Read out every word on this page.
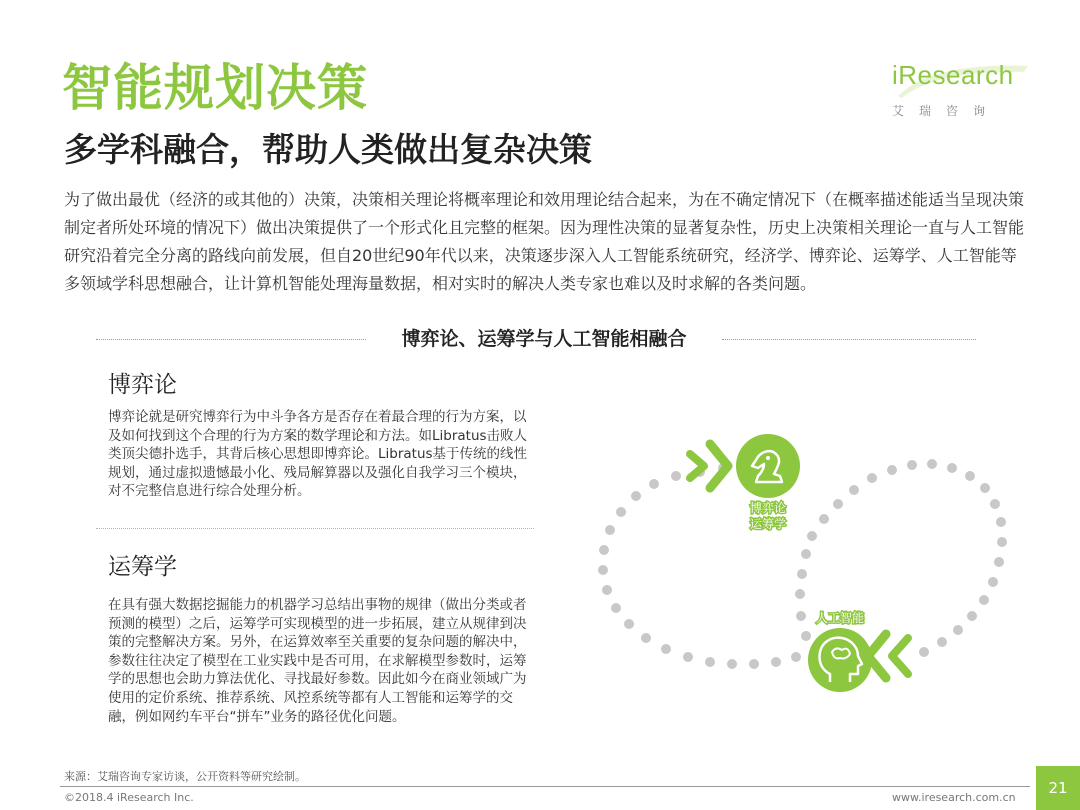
智能规划决策
多学科融合，帮助人类做出复杂决策
iResearch
艾瑞咨询

为了做出最优（经济的或其他的）决策，决策相关理论将概率理论和效用理论结合起来，为在不确定情况下（在概率描述能适当呈现决策制定者所处环境的情况下）做出决策提供了一个形式化且完整的框架。因为理性决策的显著复杂性，历史上决策相关理论一直与人工智能研究沿着完全分离的路线向前发展，但自20世纪90年代以来，决策逐步深入人工智能系统研究，经济学、博弈论、运筹学、人工智能等多领域学科思想融合，让计算机智能处理海量数据，相对实时的解决人类专家也难以及时求解的各类问题。

博弈论、运筹学与人工智能相融合
博弈论

博弈论就是研究博弈行为中斗争各方是否存在着最合理的行为方案，以及如何找到这个合理的行为方案的数学理论和方法。如Libratus击败人类顶尖德扑选手，其背后核心思想即博弈论。Libratus基于传统的线性规划，通过虚拟遗憾最小化、残局解算器以及强化自我学习三个模块，对不完整信息进行综合处理分析。

运筹学

在具有强大数据挖掘能力的机器学习总结出事物的规律（做出分类或者预测的模型）之后，运筹学可实现模型的进一步拓展，建立从规律到决策的完整解决方案。另外，在运算效率至关重要的复杂问题的解决中，参数往往决定了模型在工业实践中是否可用，在求解模型参数时，运筹学的思想也会助力算法优化、寻找最好参数。因此如今在商业领域广为使用的定价系统、推荐系统、风控系统等都有人工智能和运筹学的交融，例如网约车平台“拼车”业务的路径优化问题。

博弈论
运筹学
人工智能
来源：艾瑞咨询专家访谈，公开资料等研究绘制。
©2018.4 iResearch Inc.	www.iresearch.com.cn
21
